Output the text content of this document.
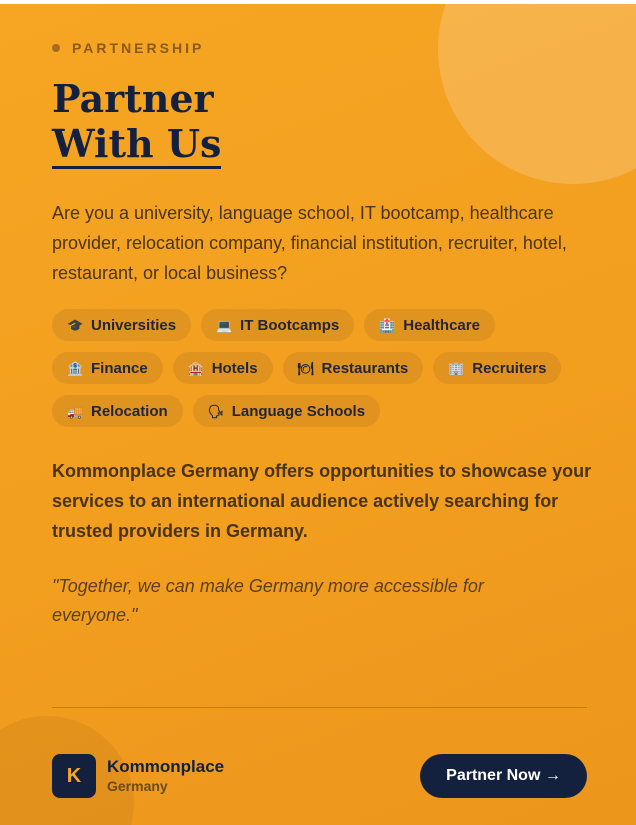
PARTNERSHIP
Partner
With Us

Are you a university, language school, IT bootcamp, healthcare provider, relocation company, financial institution, recruiter, hotel, restaurant, or local business?

🎓 Universities	💻 IT Bootcamps	🏥 Healthcare
🏦 Finance	🏨 Hotels	🍽 Restaurants	🏢 Recruiters
🚚 Relocation	🗣 Language Schools

Kommonplace Germany offers opportunities to showcase your services to an international audience actively searching for trusted providers in Germany.

"Together, we can make Germany more accessible for everyone."

K	Kommonplace
Germany
Partner Now →
